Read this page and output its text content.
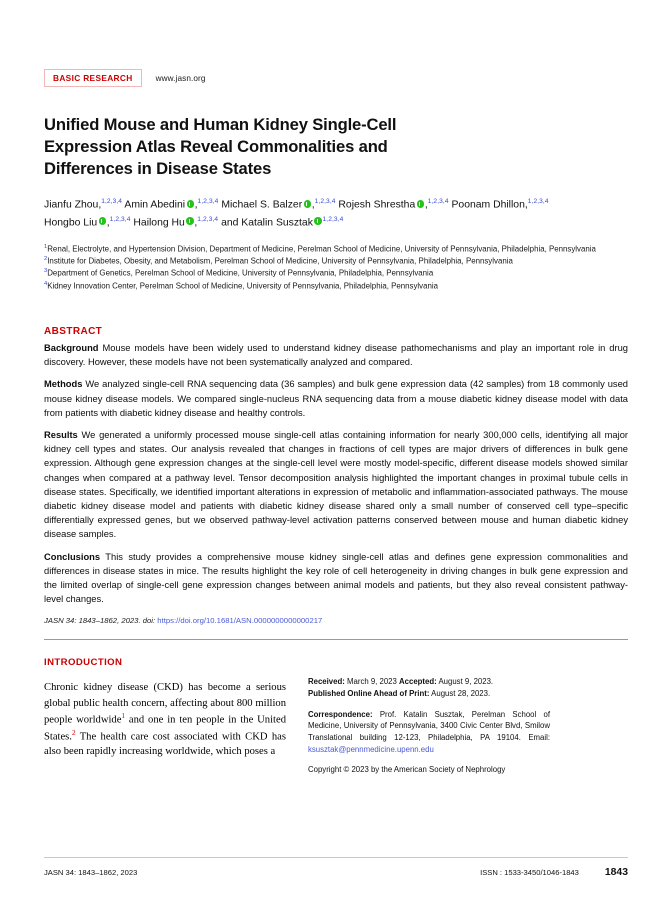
BASIC RESEARCH	www.jasn.org
Unified Mouse and Human Kidney Single-Cell Expression Atlas Reveal Commonalities and Differences in Disease States
Jianfu Zhou,$^{1,2,3,4}$ Amin Abedini ,$^{1,2,3,4}$ Michael S. Balzer ,$^{1,2,3,4}$ Rojesh Shrestha ,$^{1,2,3,4}$ Poonam Dhillon,$^{1,2,3,4}$ Hongbo Liu ,$^{1,2,3,4}$ Hailong Hu ,$^{1,2,3,4}$ and Katalin Susztak $^{1,2,3,4}$
$^1$Renal, Electrolyte, and Hypertension Division, Department of Medicine, Perelman School of Medicine, University of Pennsylvania, Philadelphia, Pennsylvania
$^2$Institute for Diabetes, Obesity, and Metabolism, Perelman School of Medicine, University of Pennsylvania, Philadelphia, Pennsylvania
$^3$Department of Genetics, Perelman School of Medicine, University of Pennsylvania, Philadelphia, Pennsylvania
$^4$Kidney Innovation Center, Perelman School of Medicine, University of Pennsylvania, Philadelphia, Pennsylvania
ABSTRACT

Background Mouse models have been widely used to understand kidney disease pathomechanisms and play an important role in drug discovery. However, these models have not been systematically analyzed and compared.

Methods We analyzed single-cell RNA sequencing data (36 samples) and bulk gene expression data (42 samples) from 18 commonly used mouse kidney disease models. We compared single-nucleus RNA sequencing data from a mouse diabetic kidney disease model with data from patients with diabetic kidney disease and healthy controls.

Results We generated a uniformly processed mouse single-cell atlas containing information for nearly 300,000 cells, identifying all major kidney cell types and states. Our analysis revealed that changes in fractions of cell types are major drivers of differences in bulk gene expression. Although gene expression changes at the single-cell level were mostly model-specific, different disease models showed similar changes when compared at a pathway level. Tensor decomposition analysis highlighted the important changes in proximal tubule cells in disease states. Specifically, we identified important alterations in expression of metabolic and inflammation-associated pathways. The mouse diabetic kidney disease model and patients with diabetic kidney disease shared only a small number of conserved cell type–specific differentially expressed genes, but we observed pathway-level activation patterns conserved between mouse and human diabetic kidney disease samples.

Conclusions This study provides a comprehensive mouse kidney single-cell atlas and defines gene expression commonalities and differences in disease states in mice. The results highlight the key role of cell heterogeneity in driving changes in bulk gene expression and the limited overlap of single-cell gene expression changes between animal models and patients, but they also reveal consistent pathway-level changes.

JASN 34: 1843–1862, 2023. doi: https://doi.org/10.1681/ASN.0000000000000217
INTRODUCTION

Chronic kidney disease (CKD) has become a serious global public health concern, affecting about 800 million people worldwide$^1$ and one in ten people in the United States.$^2$ The health care cost associated with CKD has also been rapidly increasing worldwide, which poses a

Received: March 9, 2023 Accepted: August 9, 2023.
Published Online Ahead of Print: August 28, 2023.

Correspondence: Prof. Katalin Susztak, Perelman School of Medicine, University of Pennsylvania, 3400 Civic Center Blvd, Smilow Translational building 12-123, Philadelphia, PA 19104. Email: ksusztak@pennmedicine.upenn.edu

Copyright © 2023 by the American Society of Nephrology

JASN 34: 1843–1862, 2023	ISSN : 1533-3450/1046-1843	1843
